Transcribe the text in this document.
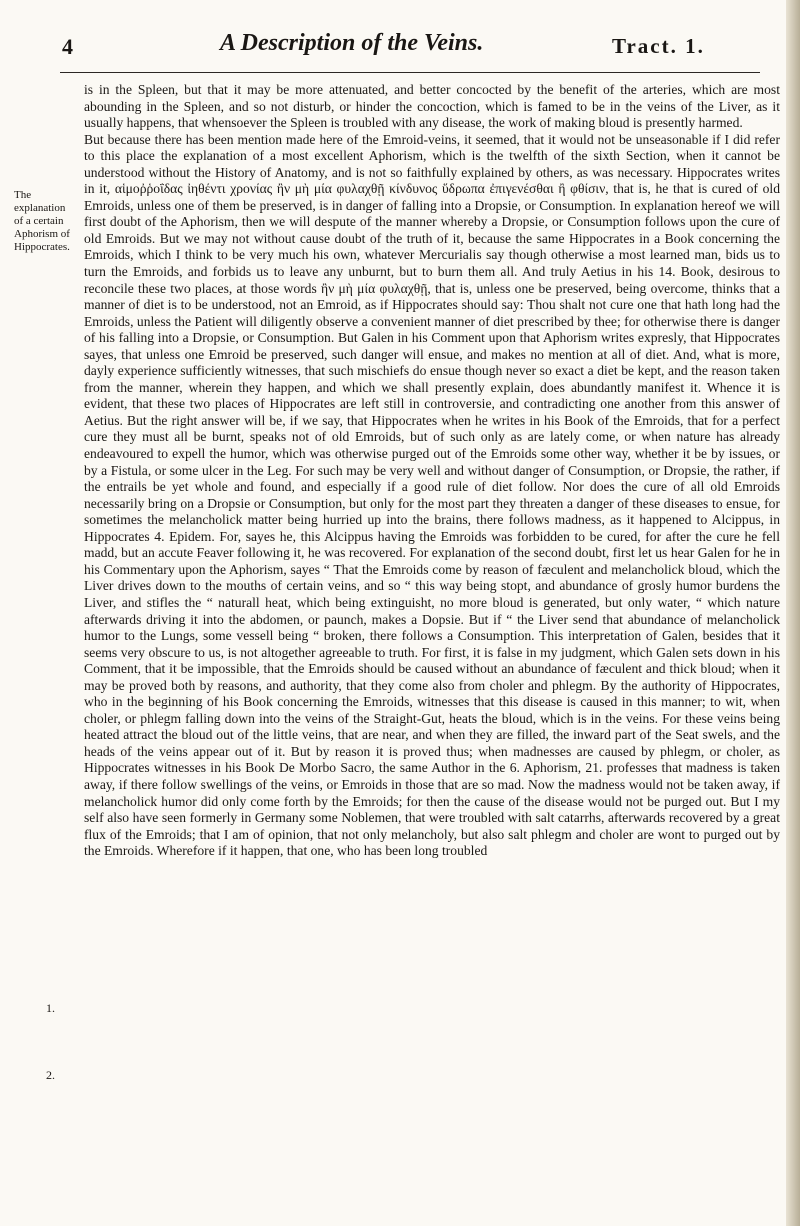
4	A Description of the Veins.	Tract. 1.
The explanation of a certain Aphorism of Hippocrates.
1.
2.

is in the Spleen, but that it may be more attenuated, and better concocted by the benefit of the arteries, which are most abounding in the Spleen, and so not disturb, or hinder the concoction, which is famed to be in the veins of the Liver, as it usually happens, that whensoever the Spleen is troubled with any disease, the work of making bloud is presently harmed.

But because there has been mention made here of the Emroid-veins, it seemed, that it would not be unseasonable if I did refer to this place the explanation of a most excellent Aphorism, which is the twelfth of the sixth Section, when it cannot be understood without the History of Anatomy, and is not so faithfully explained by others, as was necessary. Hippocrates writes in it, αἱμοῤῥοΐδας ἰηθέντι χρονίας ἢν μὴ μία φυλαχθῇ κίνδυνος ὕδρωπα ἐπιγενέσθαι ἢ φθίσιν, that is, he that is cured of old Emroids, unless one of them be preserved, is in danger of falling into a Dropsie, or Consumption. In explanation hereof we will first doubt of the Aphorism, then we will despute of the manner whereby a Dropsie, or Consumption follows upon the cure of old Emroids. But we may not without cause doubt of the truth of it, because the same Hippocrates in a Book concerning the Emroids, which I think to be very much his own, whatever Mercurialis say though otherwise a most learned man, bids us to turn the Emroids, and forbids us to leave any unburnt, but to burn them all. And truly Aetius in his 14. Book, desirous to reconcile these two places, at those words ἢν μὴ μία φυλαχθῇ, that is, unless one be preserved, being overcome, thinks that a manner of diet is to be understood, not an Emroid, as if Hippocrates should say: Thou shalt not cure one that hath long had the Emroids, unless the Patient will diligently observe a convenient manner of diet prescribed by thee; for otherwise there is danger of his falling into a Dropsie, or Consumption. But Galen in his Comment upon that Aphorism writes expresly, that Hippocrates sayes, that unless one Emroid be preserved, such danger will ensue, and makes no mention at all of diet. And, what is more, dayly experience sufficiently witnesses, that such mischiefs do ensue though never so exact a diet be kept, and the reason taken from the manner, wherein they happen, and which we shall presently explain, does abundantly manifest it. Whence it is evident, that these two places of Hippocrates are left still in controversie, and contradicting one another from this answer of Aetius. But the right answer will be, if we say, that Hippocrates when he writes in his Book of the Emroids, that for a perfect cure they must all be burnt, speaks not of old Emroids, but of such only as are lately come, or when nature has already endeavoured to expell the humor, which was otherwise purged out of the Emroids some other way, whether it be by issues, or by a Fistula, or some ulcer in the Leg. For such may be very well and without danger of Consumption, or Dropsie, the rather, if the entrails be yet whole and found, and especially if a good rule of diet follow. Nor does the cure of all old Emroids necessarily bring on a Dropsie or Consumption, but only for the most part they threaten a danger of these diseases to ensue, for sometimes the melancholick matter being hurried up into the brains, there follows madness, as it happened to Alcippus, in Hippocrates 4. Epidem. For, sayes he, this Alcippus having the Emroids was forbidden to be cured, for after the cure he fell madd, but an accute Feaver following it, he was recovered. For explanation of the second doubt, first let us hear Galen for he in his Commentary upon the Aphorism, sayes “ That the Emroids come by reason of fæculent and melancholick bloud, which the Liver drives down to the mouths of certain veins, and so “ this way being stopt, and abundance of grosly humor burdens the Liver, and stifles the “ naturall heat, which being extinguisht, no more bloud is generated, but only water, “ which nature afterwards driving it into the abdomen, or paunch, makes a Dopsie. But if “ the Liver send that abundance of melancholick humor to the Lungs, some vessell being “ broken, there follows a Consumption. This interpretation of Galen, besides that it seems very obscure to us, is not altogether agreeable to truth. For first, it is false in my judgment, which Galen sets down in his Comment, that it be impossible, that the Emroids should be caused without an abundance of fæculent and thick bloud; when it may be proved both by reasons, and authority, that they come also from choler and phlegm. By the authority of Hippocrates, who in the beginning of his Book concerning the Emroids, witnesses that this disease is caused in this manner; to wit, when choler, or phlegm falling down into the veins of the Straight-Gut, heats the bloud, which is in the veins. For these veins being heated attract the bloud out of the little veins, that are near, and when they are filled, the inward part of the Seat swels, and the heads of the veins appear out of it. But by reason it is proved thus; when madnesses are caused by phlegm, or choler, as Hippocrates witnesses in his Book De Morbo Sacro, the same Author in the 6. Aphorism, 21. professes that madness is taken away, if there follow swellings of the veins, or Emroids in those that are so mad. Now the madness would not be taken away, if melancholick humor did only come forth by the Emroids; for then the cause of the disease would not be purged out. But I my self also have seen formerly in Germany some Noblemen, that were troubled with salt catarrhs, afterwards recovered by a great flux of the Emroids; that I am of opinion, that not only melancholy, but also salt phlegm and choler are wont to purged out by the Emroids. Wherefore if it happen, that one, who has been long troubled
